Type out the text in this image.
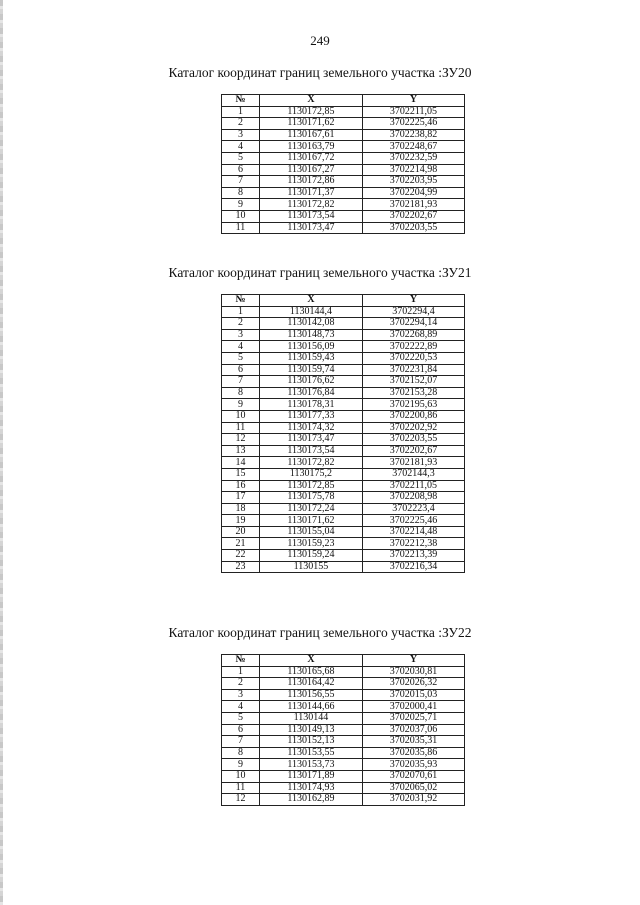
249
Каталог координат границ земельного участка :ЗУ20
№	X	Y
1	1130172,85	3702211,05
2	1130171,62	3702225,46
3	1130167,61	3702238,82
4	1130163,79	3702248,67
5	1130167,72	3702232,59
6	1130167,27	3702214,98
7	1130172,86	3702203,95
8	1130171,37	3702204,99
9	1130172,82	3702181,93
10	1130173,54	3702202,67
11	1130173,47	3702203,55
Каталог координат границ земельного участка :ЗУ21
№	X	Y
1	1130144,4	3702294,4
2	1130142,08	3702294,14
3	1130148,73	3702268,89
4	1130156,09	3702222,89
5	1130159,43	3702220,53
6	1130159,74	3702231,84
7	1130176,62	3702152,07
8	1130176,84	3702153,28
9	1130178,31	3702195,63
10	1130177,33	3702200,86
11	1130174,32	3702202,92
12	1130173,47	3702203,55
13	1130173,54	3702202,67
14	1130172,82	3702181,93
15	1130175,2	3702144,3
16	1130172,85	3702211,05
17	1130175,78	3702208,98
18	1130172,24	3702223,4
19	1130171,62	3702225,46
20	1130155,04	3702214,48
21	1130159,23	3702212,38
22	1130159,24	3702213,39
23	1130155	3702216,34
Каталог координат границ земельного участка :ЗУ22
№	X	Y
1	1130165,68	3702030,81
2	1130164,42	3702026,32
3	1130156,55	3702015,03
4	1130144,66	3702000,41
5	1130144	3702025,71
6	1130149,13	3702037,06
7	1130152,13	3702035,31
8	1130153,55	3702035,86
9	1130153,73	3702035,93
10	1130171,89	3702070,61
11	1130174,93	3702065,02
12	1130162,89	3702031,92
